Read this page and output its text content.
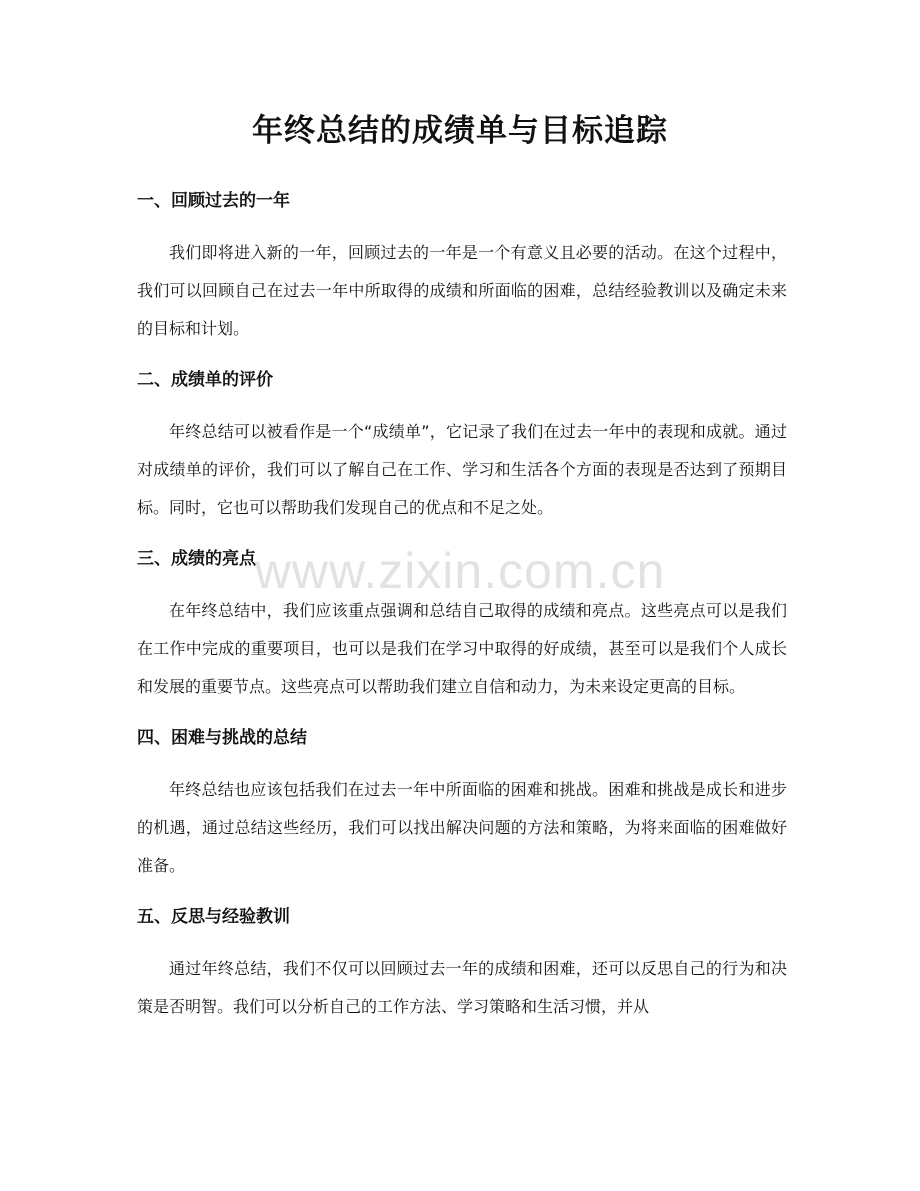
年终总结的成绩单与目标追踪
一、回顾过去的一年

我们即将进入新的一年，回顾过去的一年是一个有意义且必要的活动。在这个过程中，我们可以回顾自己在过去一年中所取得的成绩和所面临的困难，总结经验教训以及确定未来的目标和计划。

二、成绩单的评价

年终总结可以被看作是一个“成绩单”，它记录了我们在过去一年中的表现和成就。通过对成绩单的评价，我们可以了解自己在工作、学习和生活各个方面的表现是否达到了预期目标。同时，它也可以帮助我们发现自己的优点和不足之处。

三、成绩的亮点

在年终总结中，我们应该重点强调和总结自己取得的成绩和亮点。这些亮点可以是我们在工作中完成的重要项目，也可以是我们在学习中取得的好成绩，甚至可以是我们个人成长和发展的重要节点。这些亮点可以帮助我们建立自信和动力，为未来设定更高的目标。

四、困难与挑战的总结

年终总结也应该包括我们在过去一年中所面临的困难和挑战。困难和挑战是成长和进步的机遇，通过总结这些经历，我们可以找出解决问题的方法和策略，为将来面临的困难做好准备。

五、反思与经验教训

通过年终总结，我们不仅可以回顾过去一年的成绩和困难，还可以反思自己的行为和决策是否明智。我们可以分析自己的工作方法、学习策略和生活习惯，并从

www.zixin.com.cn
